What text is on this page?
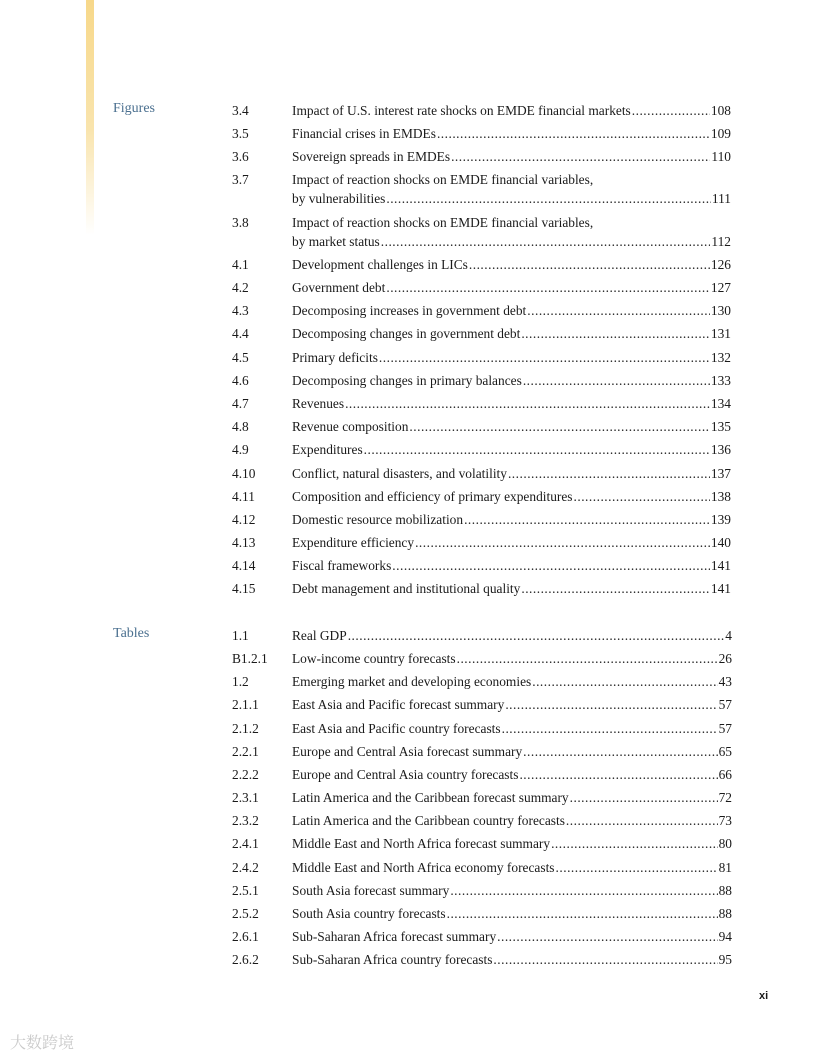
Figures	3.4	Impact of U.S. interest rate shocks on EMDE financial markets .....	108
3.5	Financial crises in EMDEs .....	109
3.6	Sovereign spreads in EMDEs .....	110
3.7	Impact of reaction shocks on EMDE financial variables,
by vulnerabilities .....	111
3.8	Impact of reaction shocks on EMDE financial variables,
by market status .....	112
4.1	Development challenges in LICs .....	126
4.2	Government debt .....	127
4.3	Decomposing increases in government debt .....	130
4.4	Decomposing changes in government debt .....	131
4.5	Primary deficits .....	132
4.6	Decomposing changes in primary balances .....	133
4.7	Revenues .....	134
4.8	Revenue composition .....	135
4.9	Expenditures .....	136
4.10	Conflict, natural disasters, and volatility .....	137
4.11	Composition and efficiency of primary expenditures .....	138
4.12	Domestic resource mobilization .....	139
4.13	Expenditure efficiency .....	140
4.14	Fiscal frameworks .....	141
4.15	Debt management and institutional quality .....	141
Tables	1.1	Real GDP .....	4
B1.2.1 Low-income country forecasts .....	26
1.2	Emerging market and developing economies .....	43
2.1.1 East Asia and Pacific forecast summary .....	57
2.1.2 East Asia and Pacific country forecasts .....	57
2.2.1 Europe and Central Asia forecast summary .....	65
2.2.2 Europe and Central Asia country forecasts .....	66
2.3.1 Latin America and the Caribbean forecast summary .....	72
2.3.2 Latin America and the Caribbean country forecasts .....	73
2.4.1 Middle East and North Africa forecast summary .....	80
2.4.2 Middle East and North Africa economy forecasts .....	81
2.5.1 South Asia forecast summary .....	88
2.5.2 South Asia country forecasts .....	88
2.6.1 Sub-Saharan Africa forecast summary .....	94
2.6.2 Sub-Saharan Africa country forecasts .....	95
xi
大数跨境
